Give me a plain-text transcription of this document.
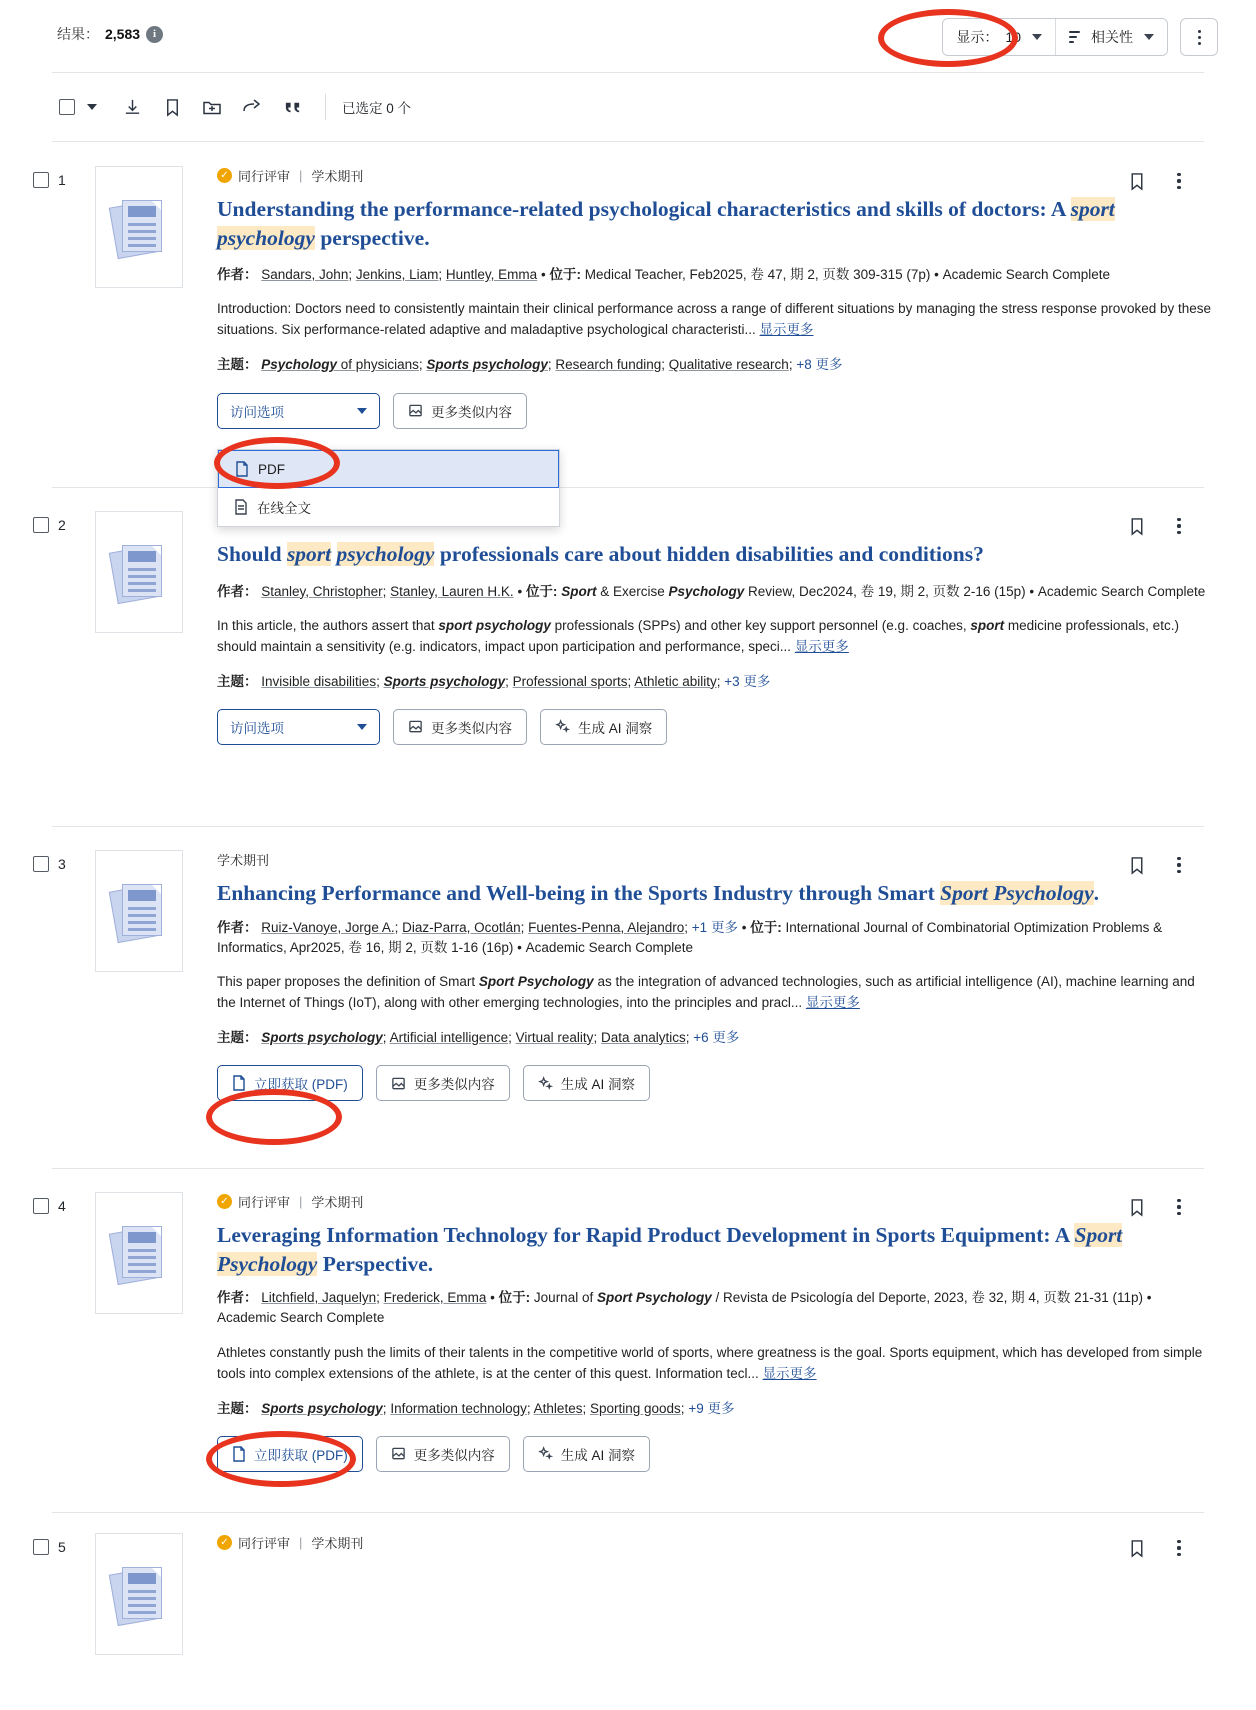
结果： 2,583	i	显示： 10	相关性
已选定 0 个
1	✓ 同行评审 | 学术期刊
Understanding the performance-related psychological characteristics and skills of doctors: A sport psychology perspective.
作者： Sandars, John; Jenkins, Liam; Huntley, Emma • 位于: Medical Teacher, Feb2025, 卷 47, 期 2, 页数 309-315 (7p) • Academic Search Complete
Introduction: Doctors need to consistently maintain their clinical performance across a range of different situations by managing the stress response provoked by these situations. Six performance-related adaptive and maladaptive psychological characteristi... 显示更多
主题： Psychology of physicians; Sports psychology; Research funding; Qualitative research; +8 更多
访问选项	更多类似内容
PDF
在线全文
2
Should sport psychology professionals care about hidden disabilities and conditions?
作者： Stanley, Christopher; Stanley, Lauren H.K. • 位于: Sport & Exercise Psychology Review, Dec2024, 卷 19, 期 2, 页数 2-16 (15p) • Academic Search Complete
In this article, the authors assert that sport psychology professionals (SPPs) and other key support personnel (e.g. coaches, sport medicine professionals, etc.) should maintain a sensitivity (e.g. indicators, impact upon participation and performance, speci... 显示更多
主题： Invisible disabilities; Sports psychology; Professional sports; Athletic ability; +3 更多
访问选项	更多类似内容	生成 AI 洞察
3	学术期刊
Enhancing Performance and Well-being in the Sports Industry through Smart Sport Psychology.
作者： Ruiz-Vanoye, Jorge A.; Diaz-Parra, Ocotlán; Fuentes-Penna, Alejandro; +1 更多 • 位于: International Journal of Combinatorial Optimization Problems & Informatics, Apr2025, 卷 16, 期 2, 页数 1-16 (16p) • Academic Search Complete
This paper proposes the definition of Smart Sport Psychology as the integration of advanced technologies, such as artificial intelligence (AI), machine learning and the Internet of Things (IoT), along with other emerging technologies, into the principles and pracl... 显示更多
主题： Sports psychology; Artificial intelligence; Virtual reality; Data analytics; +6 更多
立即获取 (PDF)	更多类似内容	生成 AI 洞察
4	✓ 同行评审 | 学术期刊
Leveraging Information Technology for Rapid Product Development in Sports Equipment: A Sport Psychology Perspective.
作者： Litchfield, Jaquelyn; Frederick, Emma • 位于: Journal of Sport Psychology / Revista de Psicología del Deporte, 2023, 卷 32, 期 4, 页数 21-31 (11p) • Academic Search Complete
Athletes constantly push the limits of their talents in the competitive world of sports, where greatness is the goal. Sports equipment, which has developed from simple tools into complex extensions of the athlete, is at the center of this quest. Information tecl... 显示更多
主题： Sports psychology; Information technology; Athletes; Sporting goods; +9 更多
立即获取 (PDF)	更多类似内容	生成 AI 洞察
5	✓ 同行评审 | 学术期刊
